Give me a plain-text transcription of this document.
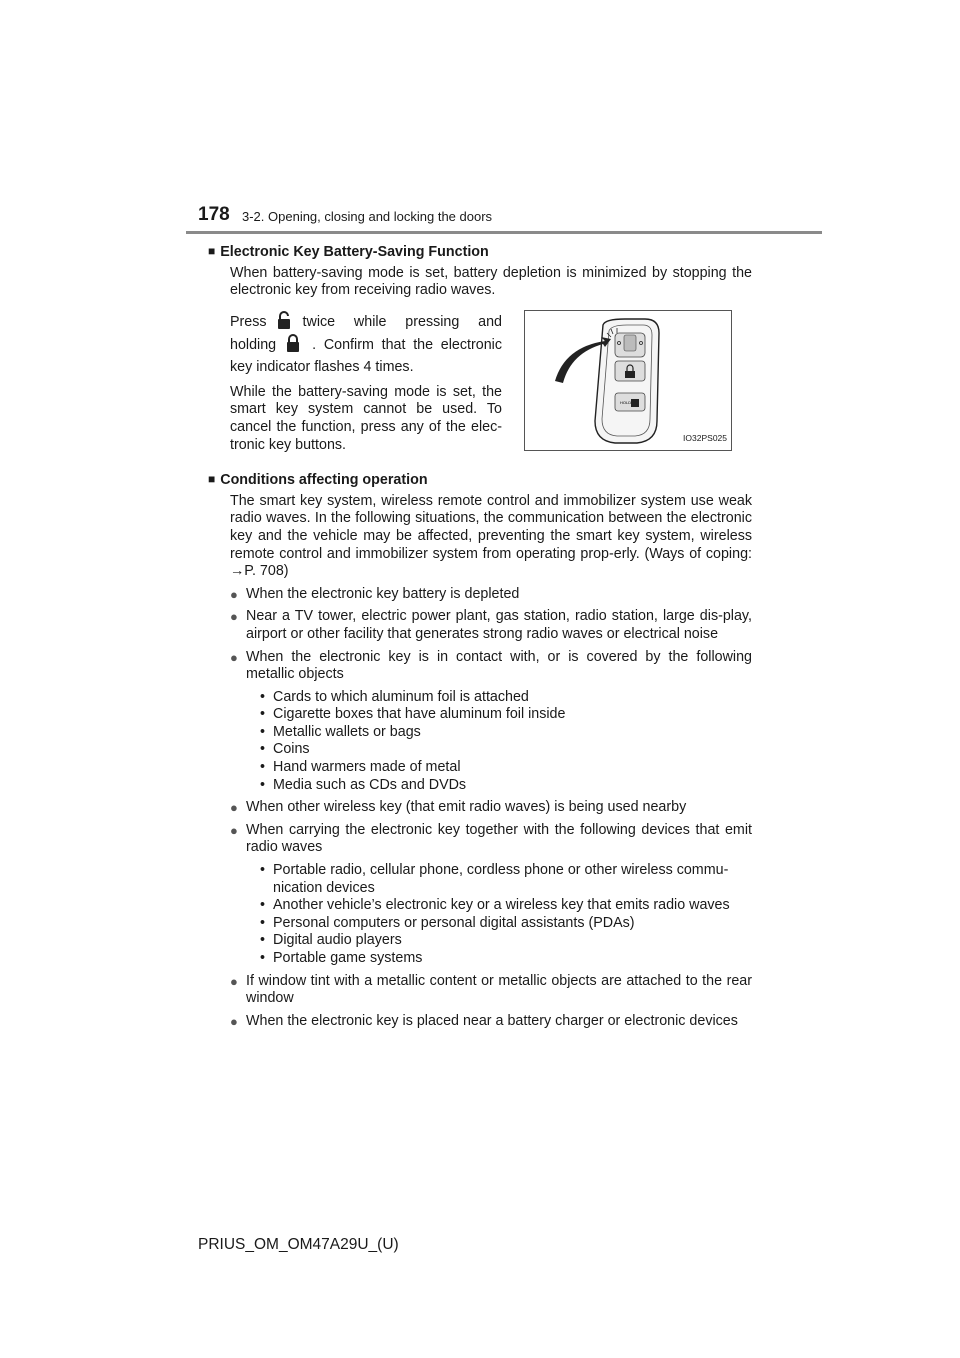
178 3-2. Opening, closing and locking the doors
■ Electronic Key Battery-Saving Function

When battery-saving mode is set, battery depletion is minimized by stopping the electronic key from receiving radio waves.

Press	twice while pressing and holding	. Confirm that the electronic key indicator flashes 4 times.

While the battery-saving mode is set, the smart key system cannot be used. To cancel the function, press any of the elec-tronic key buttons.

HOLD
IO32PS025
■ Conditions affecting operation

The smart key system, wireless remote control and immobilizer system use weak radio waves. In the following situations, the communication between the electronic key and the vehicle may be affected, preventing the smart key system, wireless remote control and immobilizer system from operating prop-erly. (Ways of coping: →P. 708)

● When the electronic key battery is depleted
● Near a TV tower, electric power plant, gas station, radio station, large dis-play, airport or other facility that generates strong radio waves or electrical noise
● When the electronic key is in contact with, or is covered by the following metallic objects
• Cards to which aluminum foil is attached
• Cigarette boxes that have aluminum foil inside
• Metallic wallets or bags
• Coins
• Hand warmers made of metal
• Media such as CDs and DVDs
● When other wireless key (that emit radio waves) is being used nearby
● When carrying the electronic key together with the following devices that emit radio waves
• Portable radio, cellular phone, cordless phone or other wireless commu-nication devices
• Another vehicle’s electronic key or a wireless key that emits radio waves
• Personal computers or personal digital assistants (PDAs)
• Digital audio players
• Portable game systems
● If window tint with a metallic content or metallic objects are attached to the rear window
● When the electronic key is placed near a battery charger or electronic devices
PRIUS_OM_OM47A29U_(U)
